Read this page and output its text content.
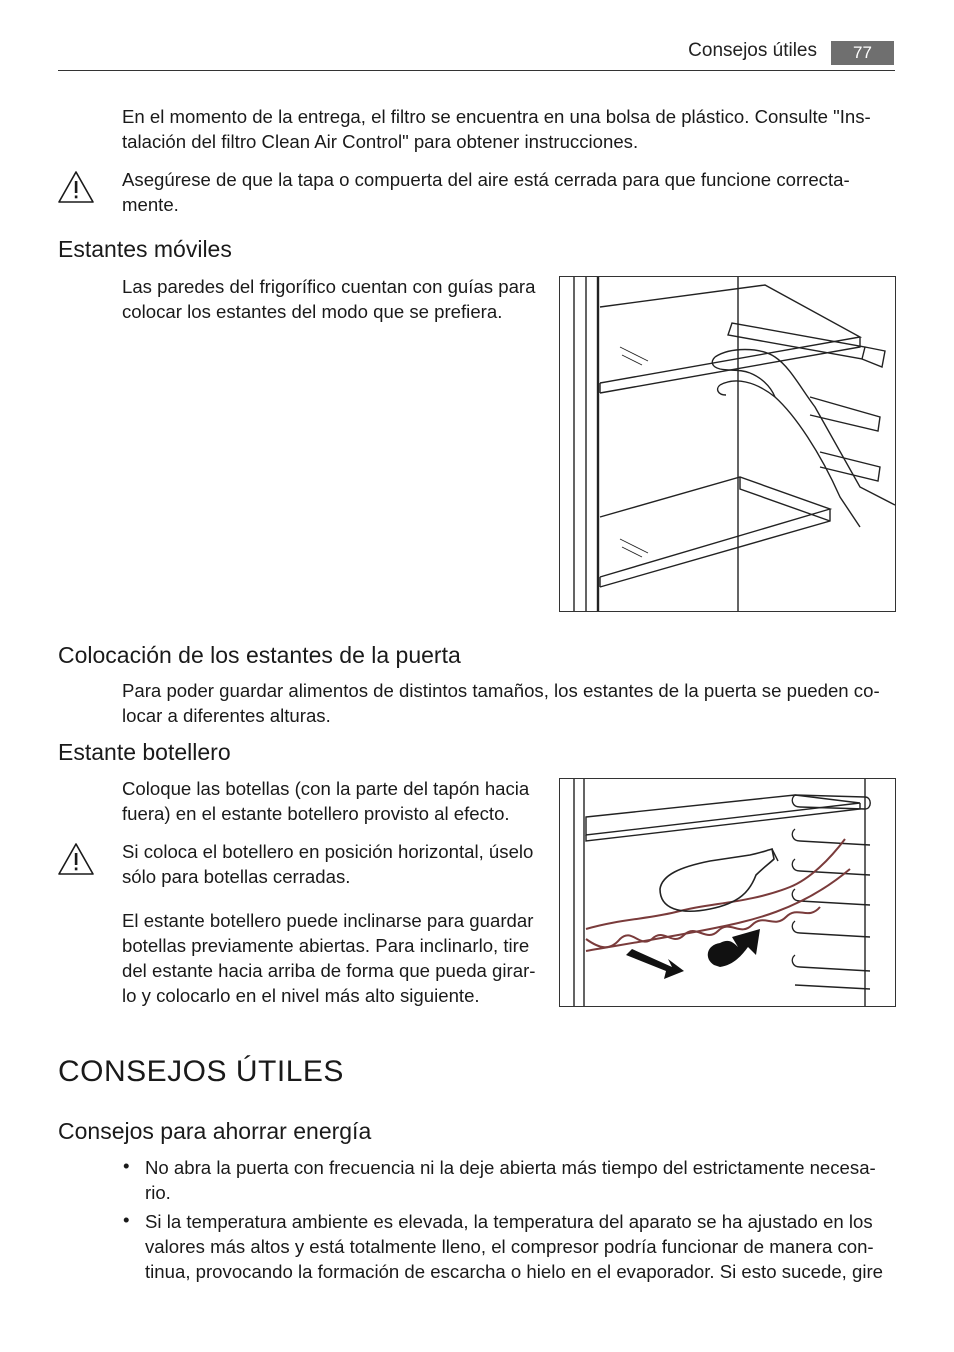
Consejos útiles	77

En el momento de la entrega, el filtro se encuentra en una bolsa de plástico. Consulte "Ins-

talación del filtro Clean Air Control" para obtener instrucciones.

Asegúrese de que la tapa o compuerta del aire está cerrada para que funcione correcta-

mente.

Estantes móviles

Las paredes del frigorífico cuentan con guías para

colocar los estantes del modo que se prefiera.

Colocación de los estantes de la puerta

Para poder guardar alimentos de distintos tamaños, los estantes de la puerta se pueden co-

locar a diferentes alturas.

Estante botellero

Coloque las botellas (con la parte del tapón hacia

fuera) en el estante botellero provisto al efecto.

Si coloca el botellero en posición horizontal, úselo

sólo para botellas cerradas.

El estante botellero puede inclinarse para guardar

botellas previamente abiertas. Para inclinarlo, tire

del estante hacia arriba de forma que pueda girar-

lo y colocarlo en el nivel más alto siguiente.

CONSEJOS ÚTILES
Consejos para ahorrar energía
• No abra la puerta con frecuencia ni la deje abierta más tiempo del estrictamente necesa-

rio.

• Si la temperatura ambiente es elevada, la temperatura del aparato se ha ajustado en los

valores más altos y está totalmente lleno, el compresor podría funcionar de manera con-

tinua, provocando la formación de escarcha o hielo en el evaporador. Si esto sucede, gire
